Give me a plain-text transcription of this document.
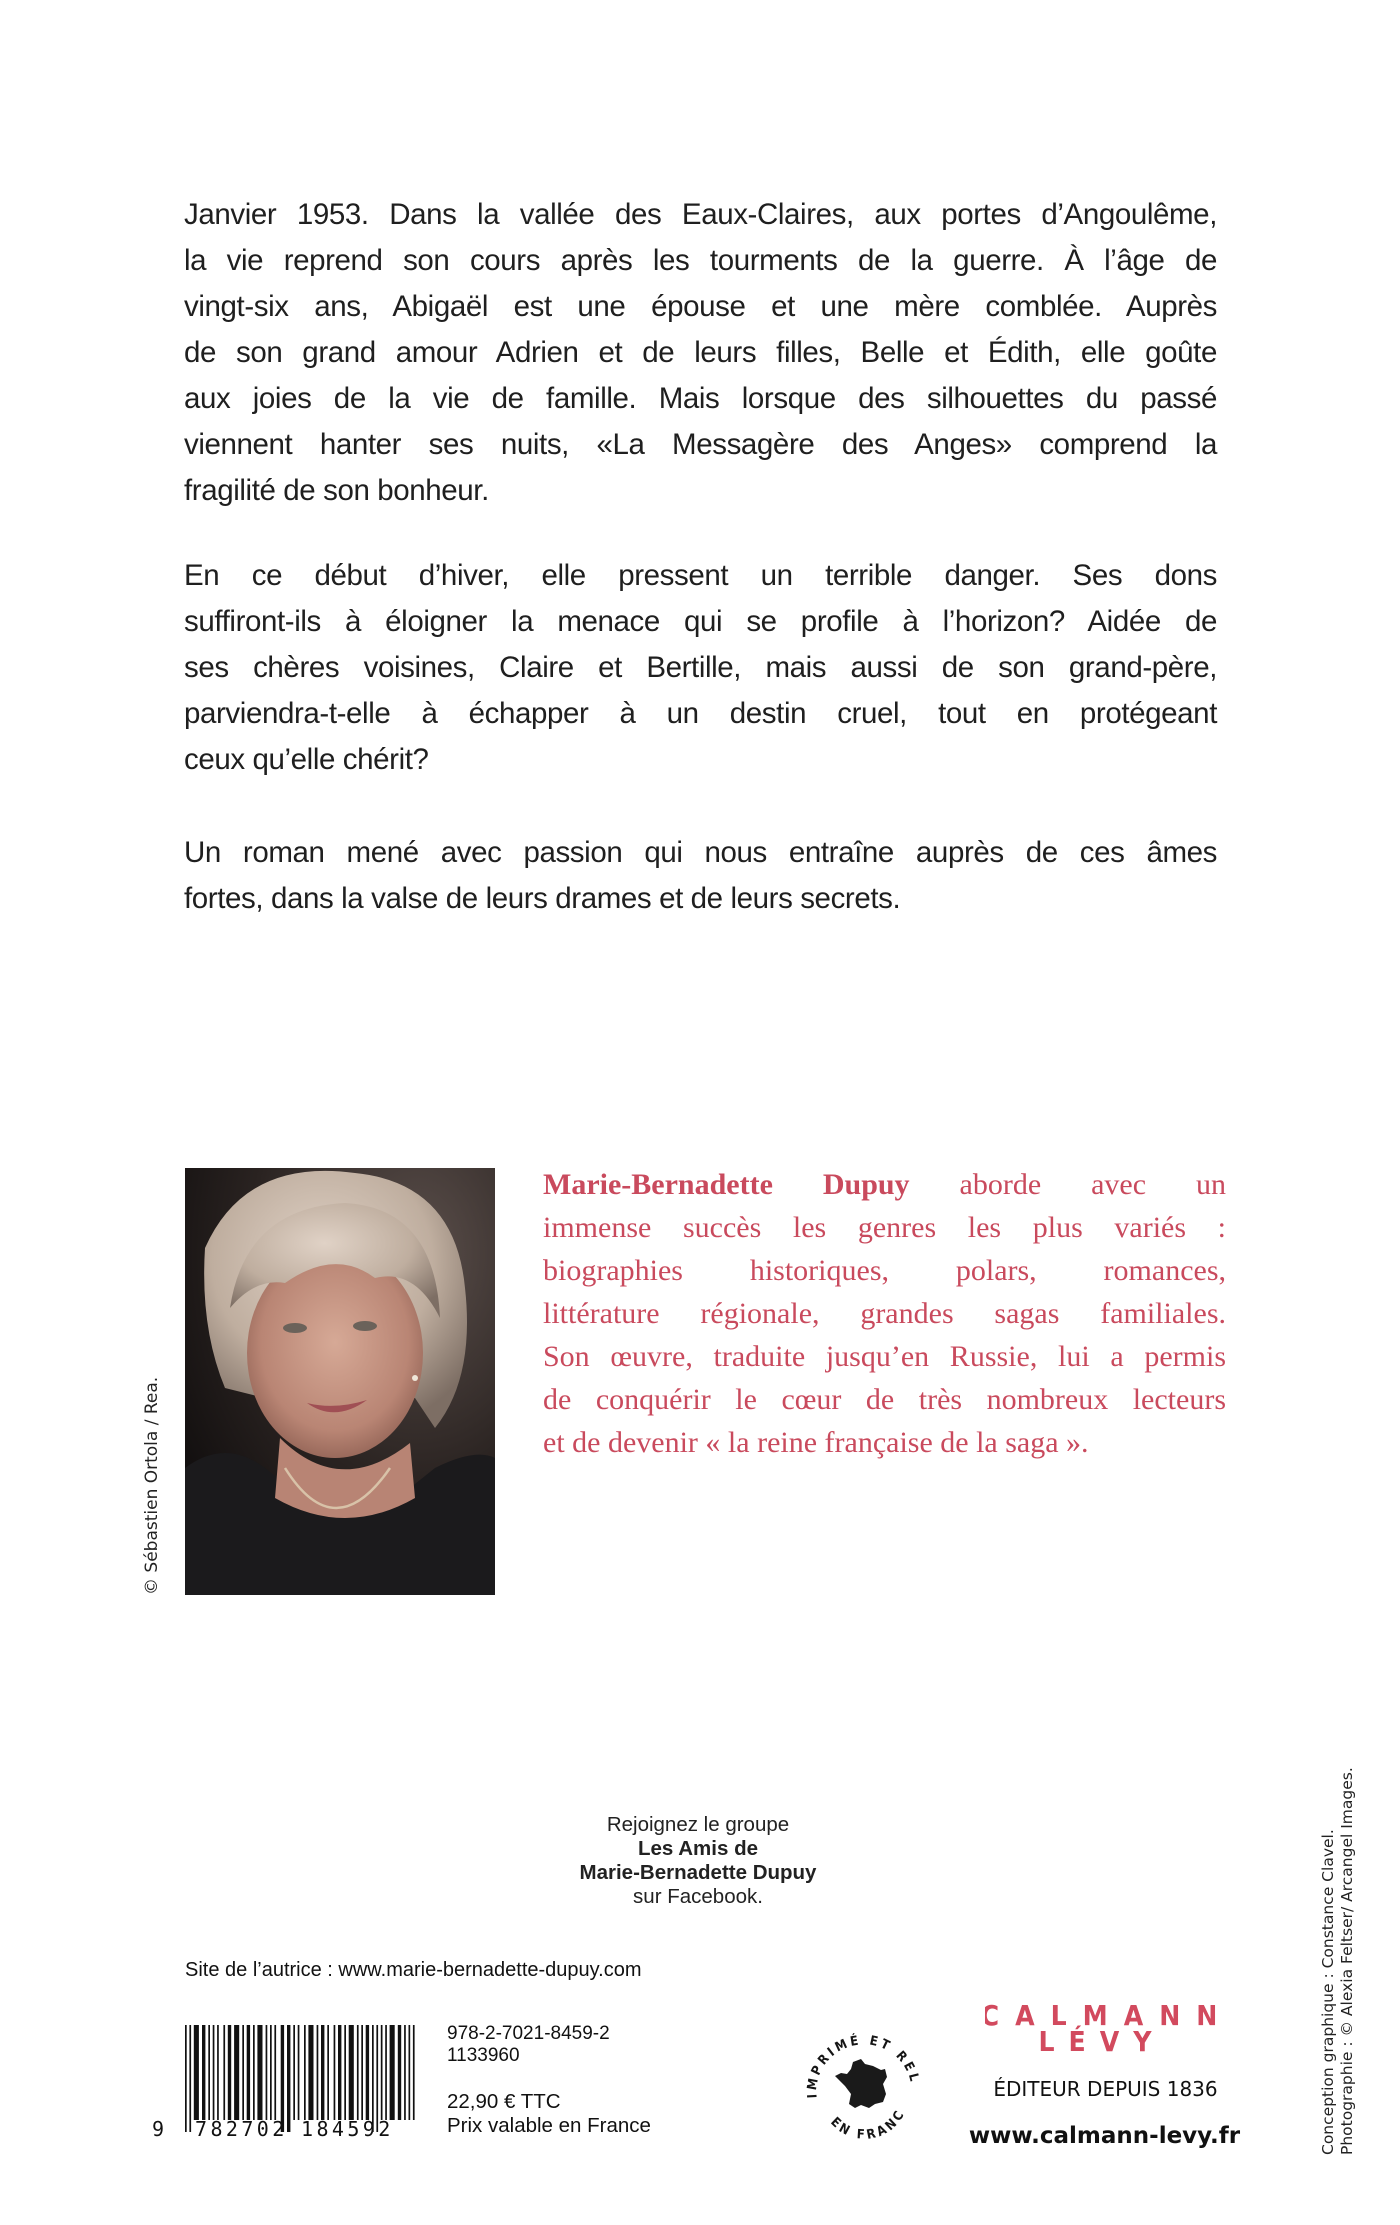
Janvier 1953. Dans la vallée des Eaux-Claires, aux portes d’Angoulême,
la vie reprend son cours après les tourments de la guerre. À l’âge de
vingt-six ans, Abigaël est une épouse et une mère comblée. Auprès
de son grand amour Adrien et de leurs filles, Belle et Édith, elle goûte
aux joies de la vie de famille. Mais lorsque des silhouettes du passé
viennent hanter ses nuits, «La Messagère des Anges» comprend la
fragilité de son bonheur.
En ce début d’hiver, elle pressent un terrible danger. Ses dons
suffiront-ils à éloigner la menace qui se profile à l’horizon? Aidée de
ses chères voisines, Claire et Bertille, mais aussi de son grand-père,
parviendra-t-elle à échapper à un destin cruel, tout en protégeant
ceux qu’elle chérit?
Un roman mené avec passion qui nous entraîne auprès de ces âmes
fortes, dans la valse de leurs drames et de leurs secrets.
© Sébastien Ortola / Rea.
Marie-Bernadette Dupuy aborde avec un
immense succès les genres les plus variés :
biographies historiques, polars, romances,
littérature régionale, grandes sagas familiales.
Son œuvre, traduite jusqu’en Russie, lui a permis
de conquérir le cœur de très nombreux lecteurs
et de devenir « la reine française de la saga ».
Rejoignez le groupe
Les Amis de
Marie-Bernadette Dupuy
sur Facebook.
Site de l’autrice : www.marie-bernadette-dupuy.com
9 782702 184592
978-2-7021-8459-2
1133960
22,90 € TTC
Prix valable en France
IMPRIMÉ ET REL
EN FRANC
CALMANN
LÉVY
ÉDITEUR DEPUIS 1836
www.calmann-levy.fr	Conception graphique : Constance Clavel. Photographie : © Alexia Feltser/ Arcangel Images.
